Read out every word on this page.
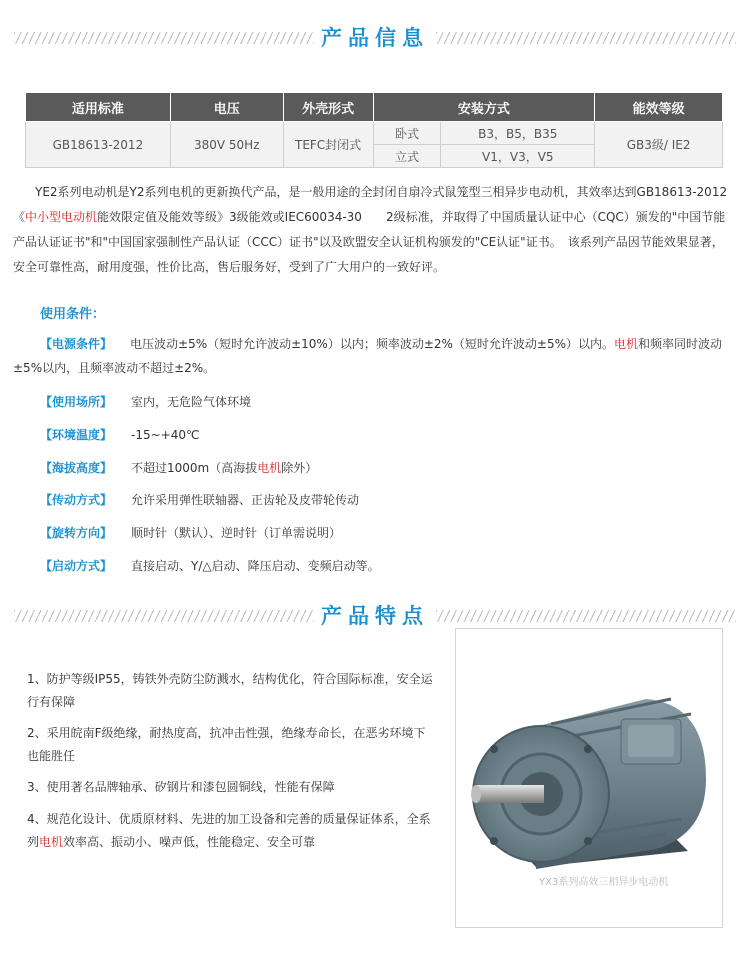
产品信息
适用标准	电压	外壳形式	安装方式		能效等级
GB18613-2012	380V 50Hz	TEFC封闭式	卧式	B3，B5，B35	GB3级/ IE2
			立式	V1，V3，V5	

YE2系列电动机是Y2系列电机的更新换代产品，是一般用途的全封闭自扇冷式鼠笼型三相异步电动机，其效率达到GB18613-2012《中小型电动机能效限定值及能效等级》3级能效或IEC60034-30　　2级标准，并取得了中国质量认证中心（CQC）颁发的"中国节能产品认证证书"和"中国国家强制性产品认证（CCC）证书"以及欧盟安全认证机构颁发的"CE认证"证书。　该系列产品因节能效果显著，安全可靠性高，耐用度强，性价比高，售后服务好，受到了广大用户的一致好评。

使用条件：
【电源条件】 电压波动±5%（短时允许波动±10%）以内；频率波动±2%（短时允许波动±5%）以内。电机和频率同时波动±5%以内，且频率波动不超过±2%。
【使用场所】 室内，无危险气体环境
【环境温度】 -15~+40℃
【海拔高度】 不超过1000m（高海拔电机除外）
【传动方式】 允许采用弹性联轴器、正齿轮及皮带轮传动
【旋转方向】 顺时针（默认）、逆时针（订单需说明）
【启动方式】 直接启动、Y/△启动、降压启动、变频启动等。
产品特点
1、防护等级IP55，铸铁外壳防尘防溅水，结构优化，符合国际标准，安全运行有保障
2、采用皖南F级绝缘，耐热度高，抗冲击性强，绝缘寿命长，在恶劣环境下也能胜任
3、使用著名品牌轴承、矽钢片和漆包圆铜线，性能有保障
4、规范化设计、优质原材料、先进的加工设备和完善的质量保证体系，全系列电机效率高、振动小、噪声低，性能稳定、安全可靠
YX3系列高效三相异步电动机
